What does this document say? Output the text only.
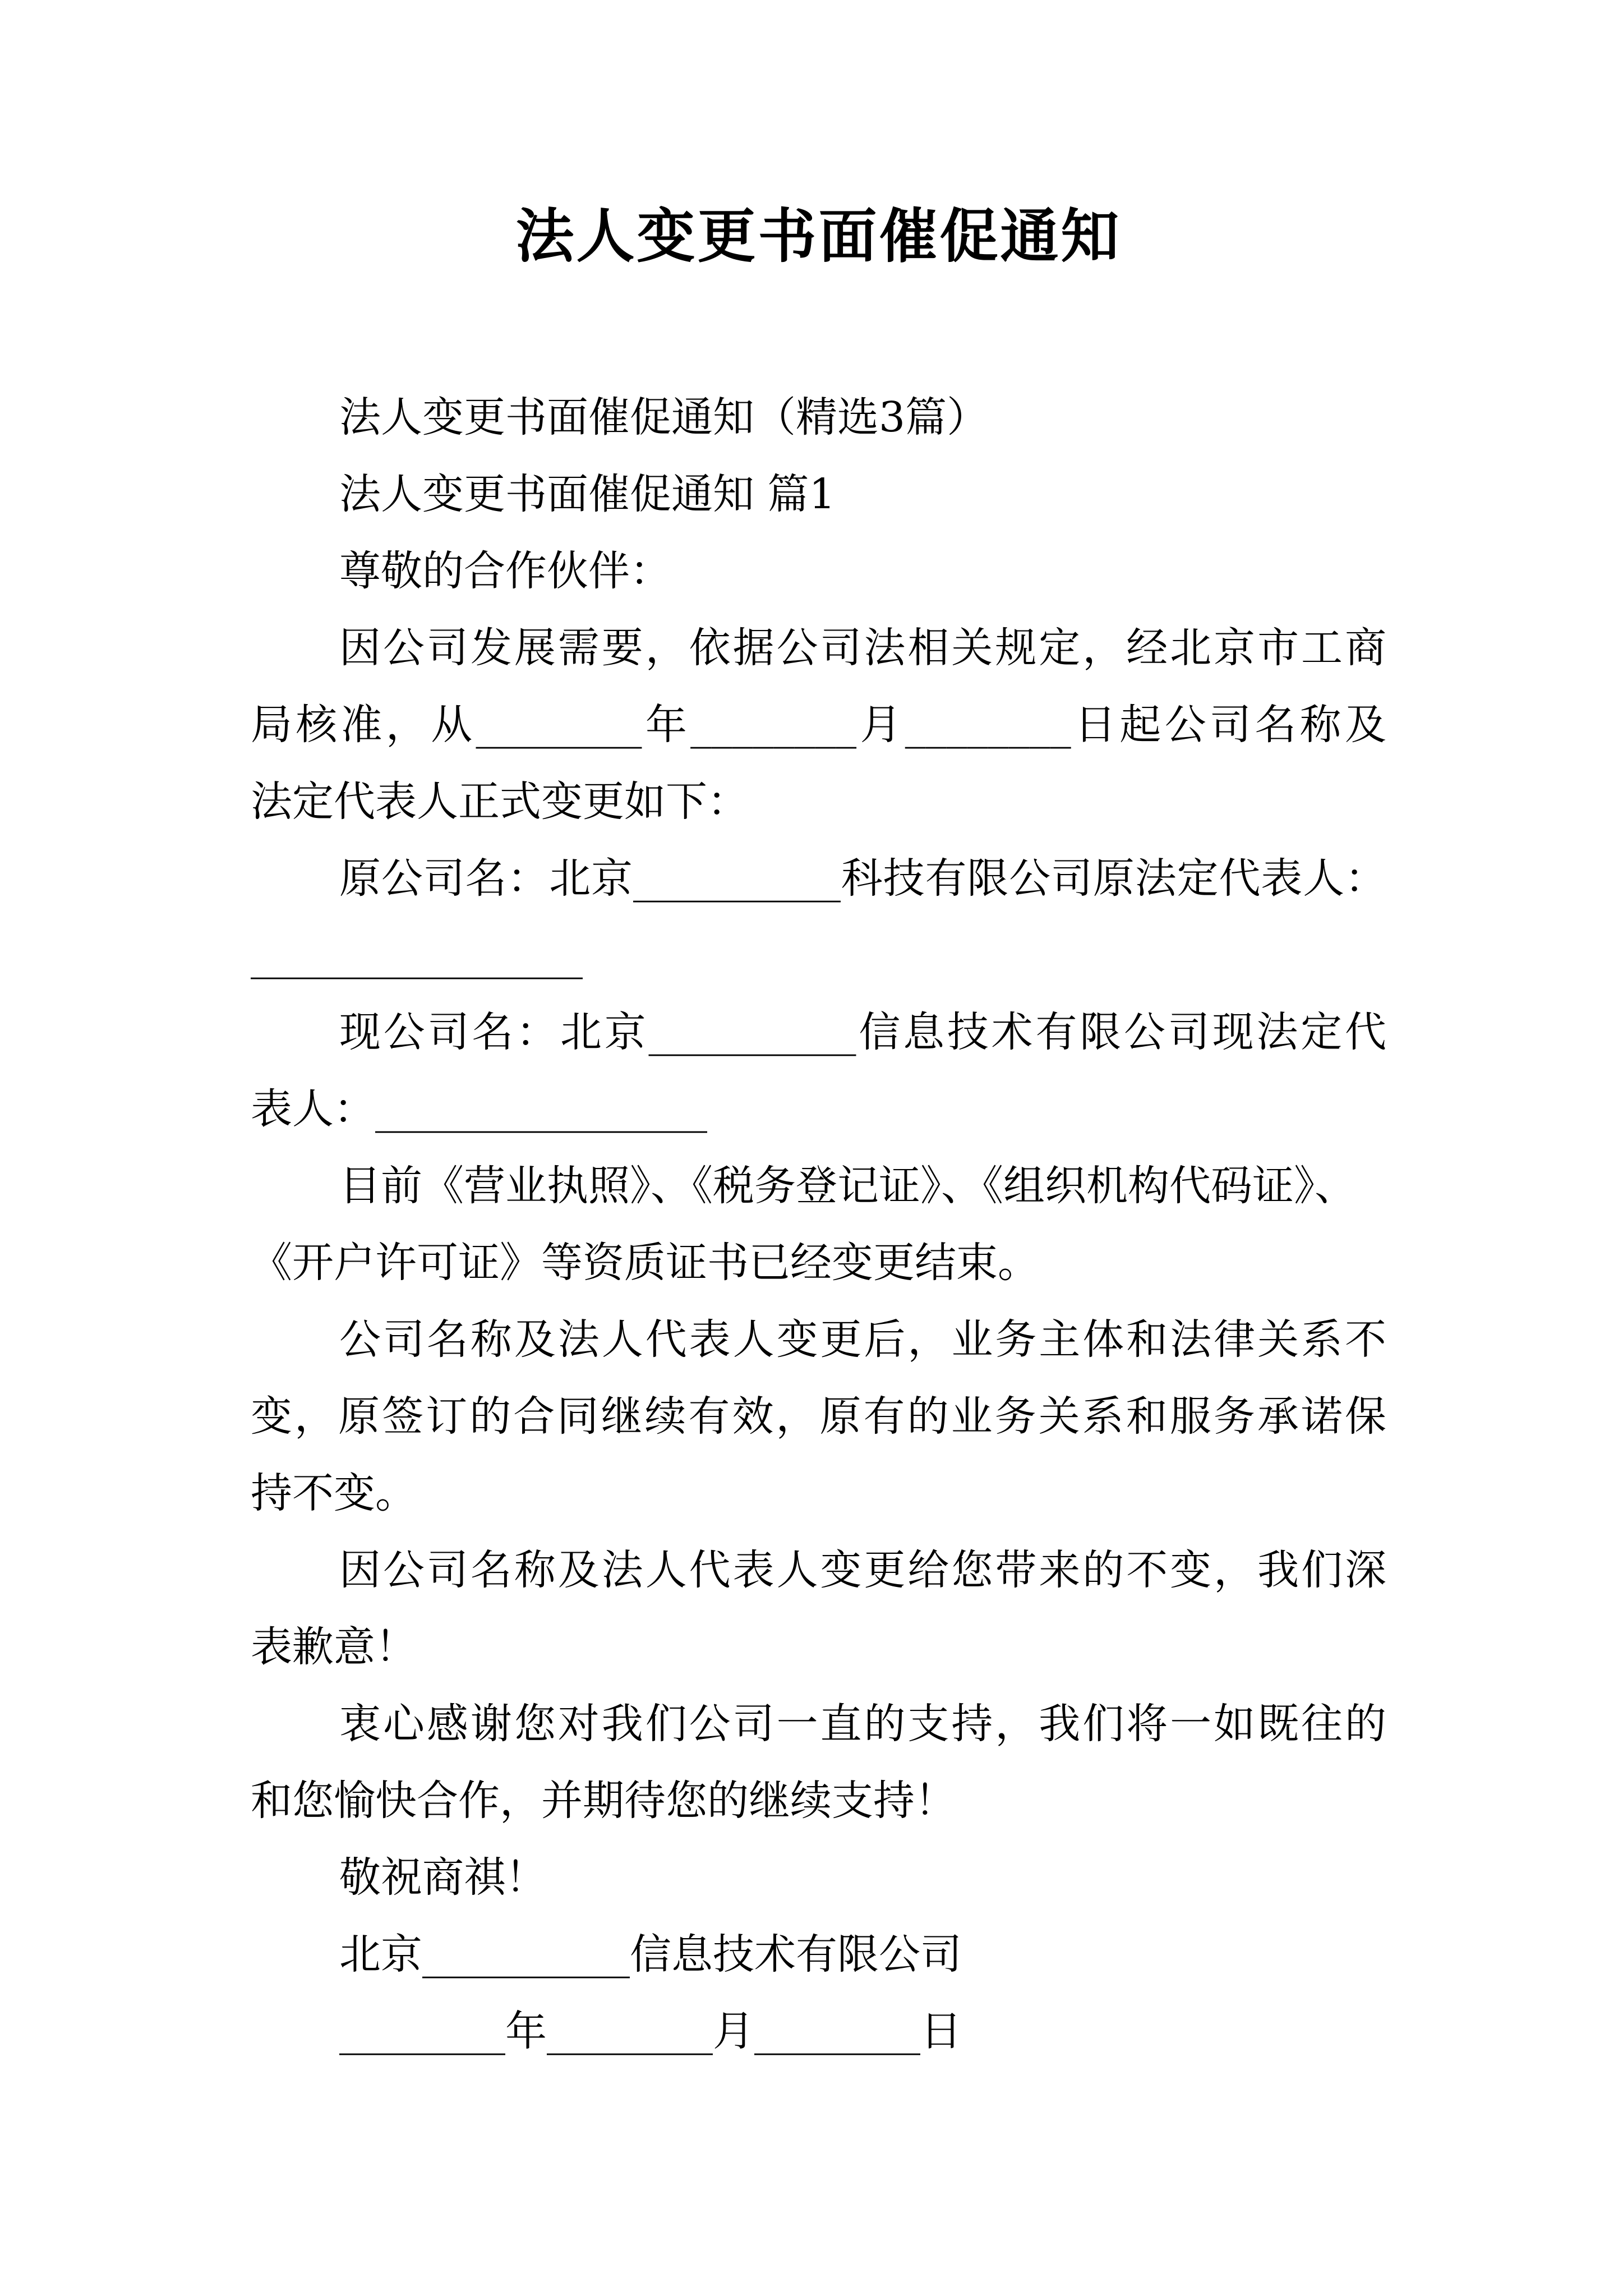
法人变更书面催促通知
法人变更书面催促通知（精选3篇）
法人变更书面催促通知 篇1
尊敬的合作伙伴：
因公司发展需要，依据公司法相关规定，经北京市工商
局核准，从________年________月________日起公司名称及
法定代表人正式变更如下：
原公司名：北京__________科技有限公司原法定代表人：
________________
现公司名：北京__________信息技术有限公司现法定代
表人：________________
目前《营业执照》、《税务登记证》、《组织机构代码证》、
《开户许可证》等资质证书已经变更结束。
公司名称及法人代表人变更后，业务主体和法律关系不
变，原签订的合同继续有效，原有的业务关系和服务承诺保
持不变。
因公司名称及法人代表人变更给您带来的不变，我们深
表歉意！
衷心感谢您对我们公司一直的支持，我们将一如既往的
和您愉快合作，并期待您的继续支持！
敬祝商祺！
北京__________信息技术有限公司
________年________月________日
